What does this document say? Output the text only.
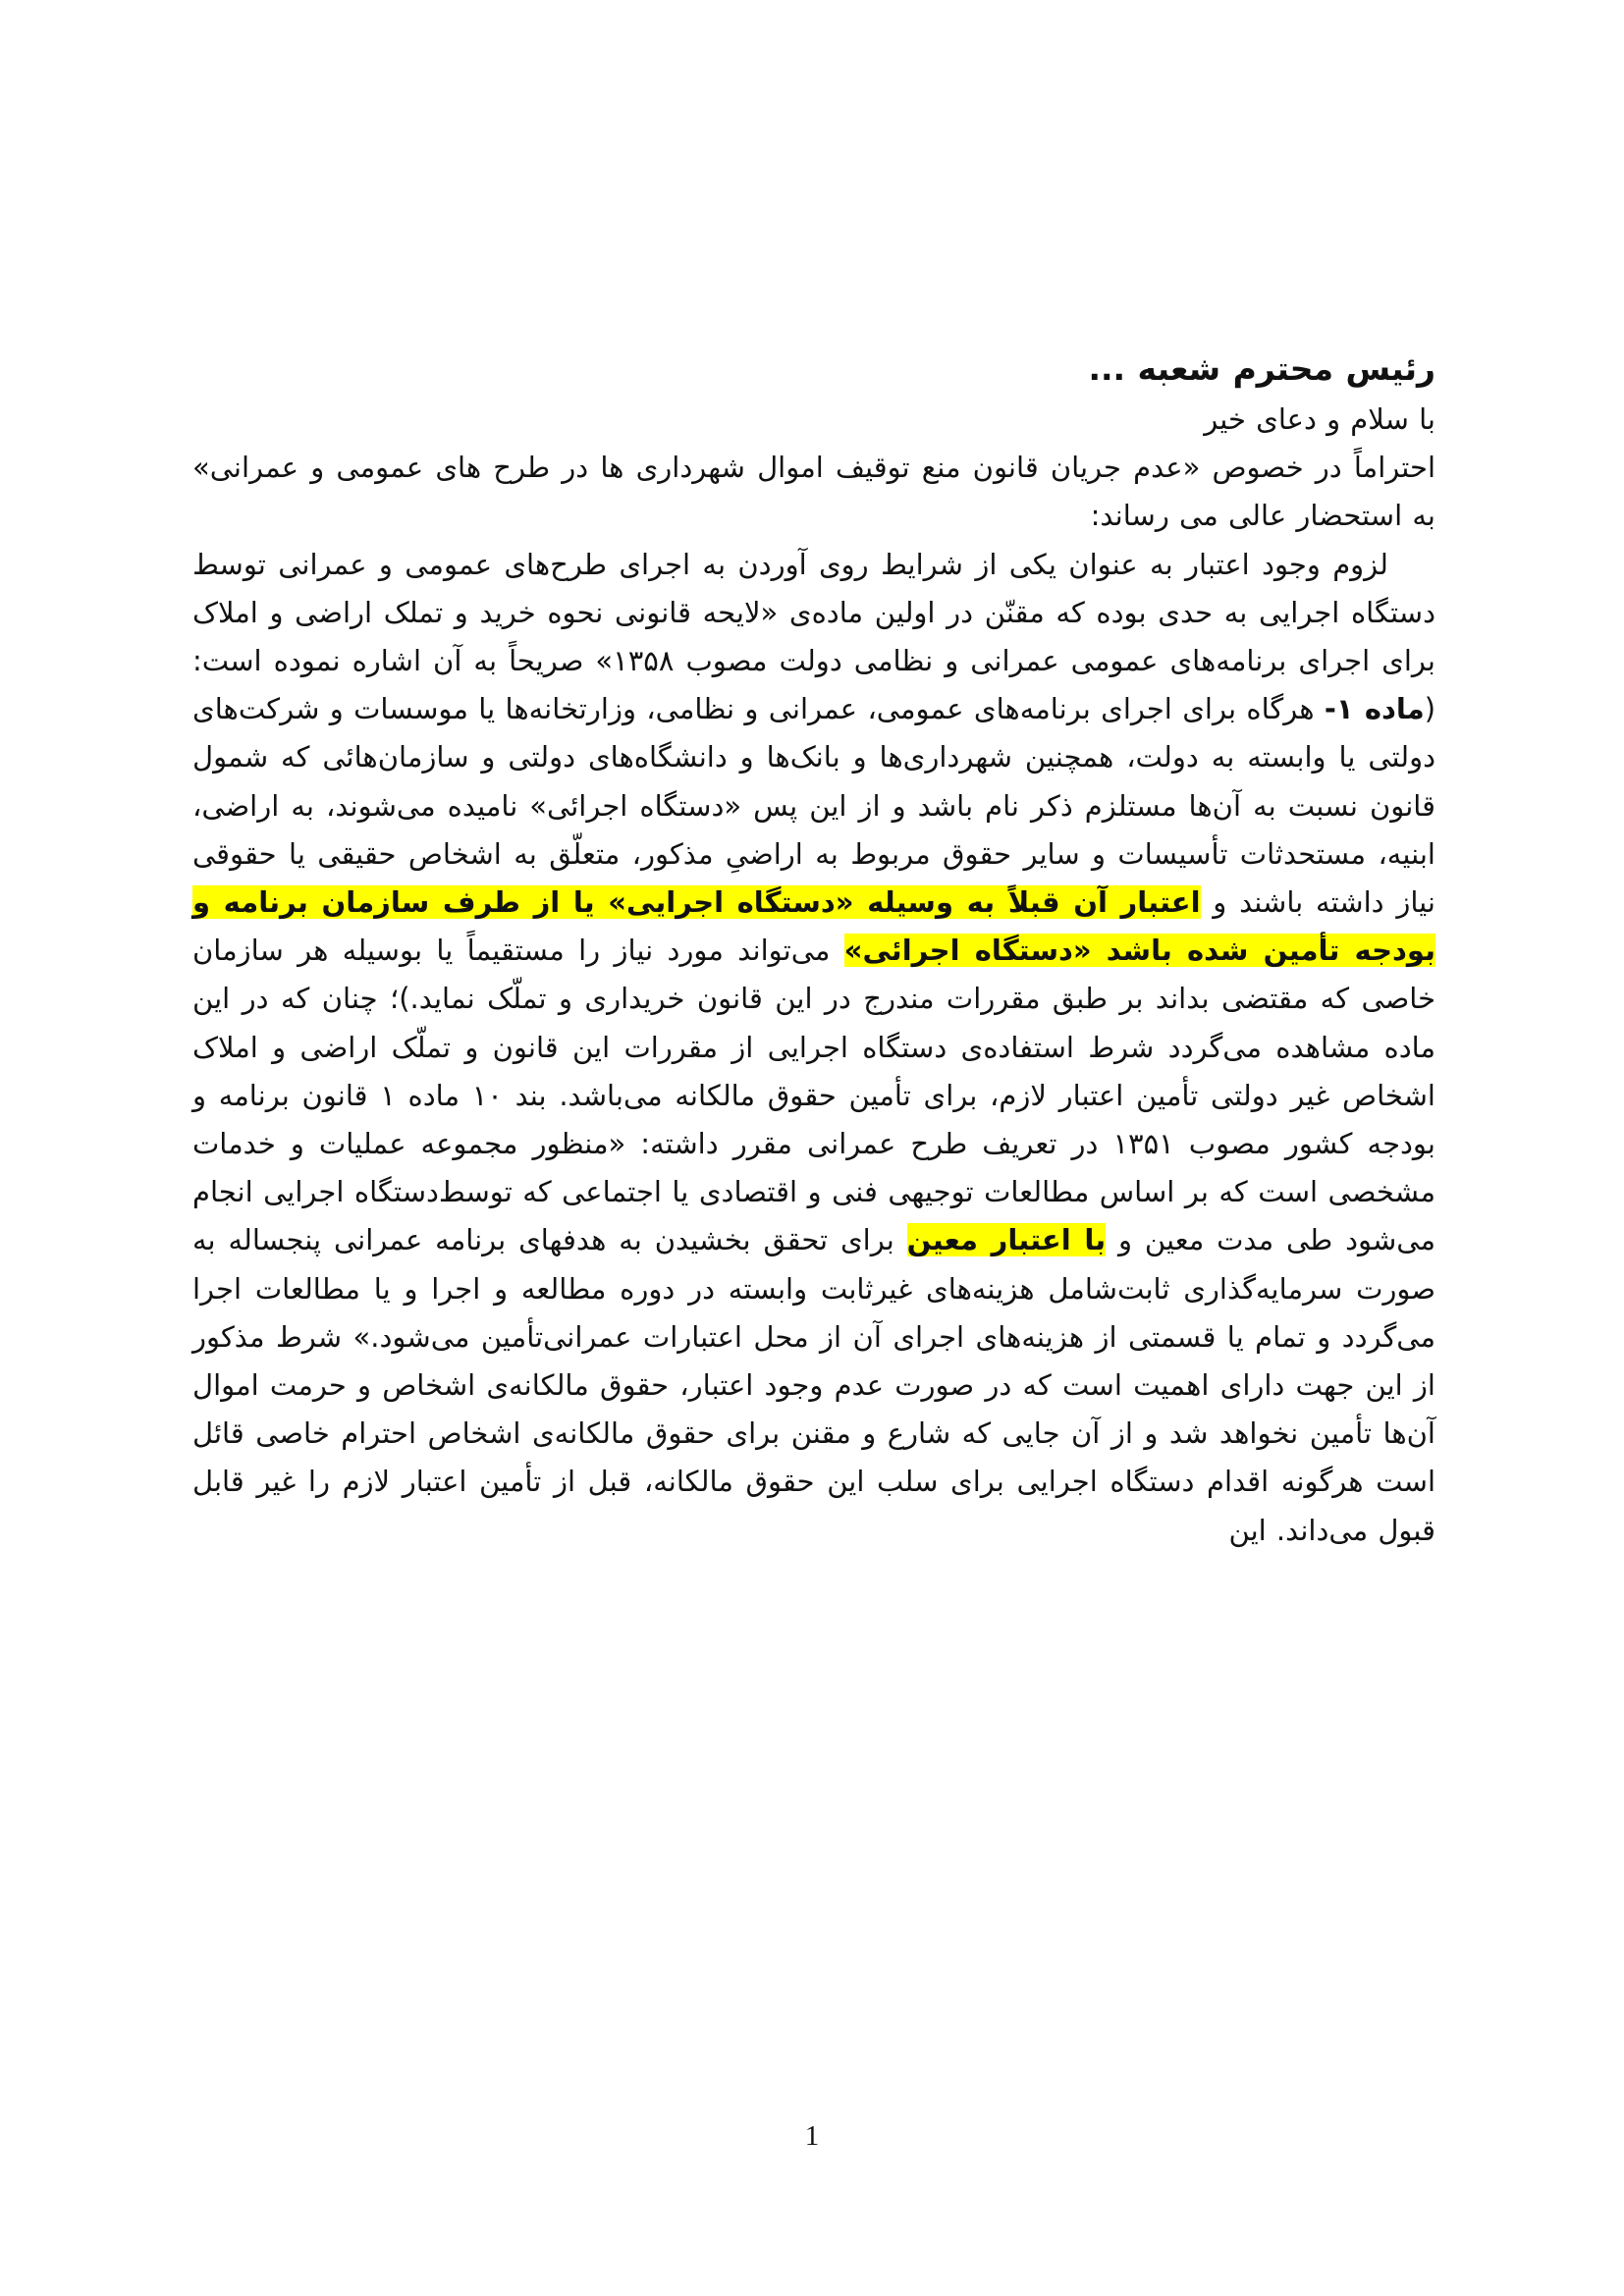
رئیس محترم شعبه ...

با سلام و دعای خیر

احتراماً در خصوص «عدم جریان قانون منع توقیف اموال شهرداری ها در طرح های عمومی و عمرانی» به استحضار عالی می رساند:

لزوم وجود اعتبار به عنوان یکی از شرایط روی آوردن به اجرای طرح‌های عمومی و عمرانی توسط دستگاه اجرایی به حدی بوده که مقنّن در اولین ماده‌ی «لایحه قانونی نحوه خرید و تملک اراضی و املاک برای اجرای برنامه‌های عمومی عمرانی و نظامی دولت مصوب ۱۳۵۸» صریحاً به آن اشاره نموده است: (ماده ۱- هرگاه برای اجرای برنامه‌های عمومی، عمرانی و نظامی، وزارتخانه‌ها یا موسسات و شرکت‌های دولتی یا وابسته به دولت، همچنین شهرداری‌ها و بانک‌ها و دانشگاه‌های دولتی و سازمان‌هائی که شمول قانون نسبت به آن‌ها مستلزم ذکر نام باشد و از این پس «دستگاه اجرائی» نامیده می‌شوند، به اراضی، ابنیه، مستحدثات تأسیسات و سایر حقوق مربوط به اراضیِ مذکور، متعلّق به اشخاص حقیقی یا حقوقی نیاز داشته باشند و اعتبار آن قبلاً به وسیله «دستگاه اجرایی» یا از طرف سازمان برنامه و بودجه تأمین شده باشد «دستگاه اجرائی» می‌تواند مورد نیاز را مستقیماً یا بوسیله هر سازمان خاصی که مقتضی بداند بر طبق مقررات مندرج در این قانون خریداری و تملّک نماید.)؛ چنان که در این ماده مشاهده می‌گردد شرط استفاده‌ی دستگاه اجرایی از مقررات این قانون و تملّک اراضی و املاک اشخاص غیر دولتی تأمین اعتبار لازم، برای تأمین حقوق مالکانه می‌باشد. بند ۱۰ ماده ۱ قانون برنامه و بودجه کشور مصوب ۱۳۵۱ در تعریف طرح عمرانی مقرر داشته: «منظور مجموعه عملیات و خدمات مشخصی است که بر اساس مطالعات توجیهی فنی و اقتصادی یا اجتماعی که توسط‌دستگاه اجرایی انجام می‌شود طی مدت معین و با اعتبار معین برای تحقق بخشیدن به هدفهای برنامه عمرانی پنجساله به صورت سرمایه‌گذاری ثابت‌شامل هزینه‌های غیرثابت وابسته در دوره مطالعه و اجرا و یا مطالعات اجرا می‌گردد و تمام یا قسمتی از هزینه‌های اجرای آن از محل اعتبارات عمرانی‌تأمین می‌شود.» شرط مذکور از این جهت دارای اهمیت است که در صورت عدم وجود اعتبار، حقوق مالکانه‌ی اشخاص و حرمت اموال آن‌ها تأمین نخواهد شد و از آن جایی که شارع و مقنن برای حقوق مالکانه‌ی اشخاص احترام خاصی قائل است هرگونه اقدام دستگاه اجرایی برای سلب این حقوق مالکانه، قبل از تأمین اعتبار لازم را غیر قابل قبول می‌داند. این

1
